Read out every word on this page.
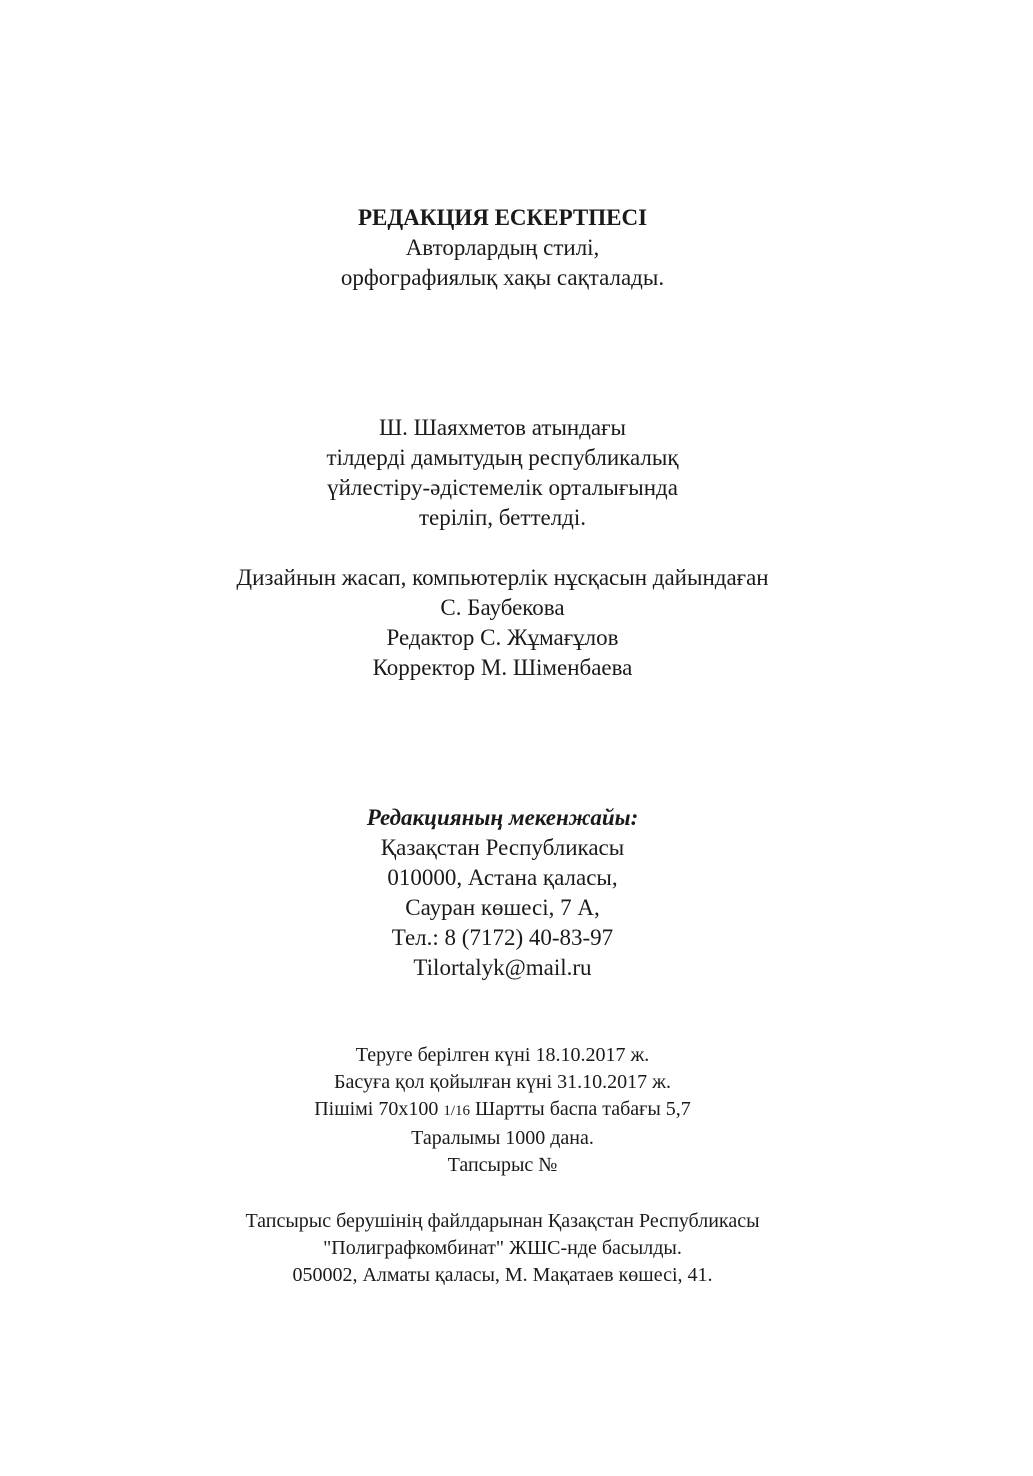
РЕДАКЦИЯ ЕСКЕРТПЕСІ
Авторлардың стилі,
орфографиялық хақы сақталады.
Ш. Шаяхметов атындағы
тілдерді дамытудың республикалық
үйлестіру-әдістемелік орталығында
теріліп, беттелді.
Дизайнын жасап, компьютерлік нұсқасын дайындаған
С. Баубекова
Редактор С. Жұмағұлов
Корректор М. Шіменбаева
Редакцияның мекенжайы:
Қазақстан Республикасы
010000, Астана қаласы,
Сауран көшесі, 7 А,
Тел.: 8 (7172) 40-83-97
Tilortalyk@mail.ru
Теруге берілген күні 18.10.2017 ж.
Басуға қол қойылған күні 31.10.2017 ж.
Пішімі 70х100 1/16 Шартты баспа табағы 5,7
Таралымы 1000 дана.
Тапсырыс №
Тапсырыс берушінің файлдарынан Қазақстан Республикасы
"Полиграфкомбинат" ЖШС-нде басылды.
050002, Алматы қаласы, М. Мақатаев көшесі, 41.
